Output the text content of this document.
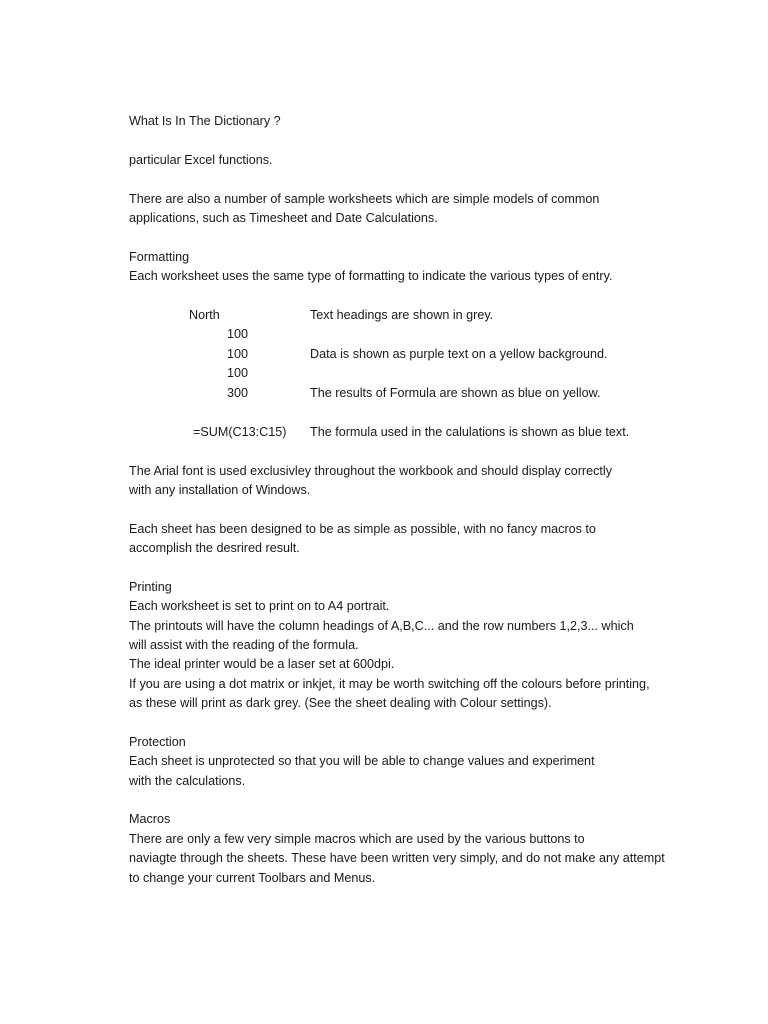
What Is In The Dictionary ?
particular Excel functions.
There are also a number of sample worksheets which are simple models of common
applications, such as Timesheet and Date Calculations.
Formatting
Each worksheet uses the same type of formatting to indicate the various types of entry.
North	Text headings are shown in grey.
100
100	Data is shown as purple text on a yellow background.
100
300	The results of Formula are shown as blue on yellow.
=SUM(C13:C15) The formula used in the calulations is shown as blue text.
The Arial font is used exclusivley throughout the workbook and should display correctly
with any installation of Windows.
Each sheet has been designed to be as simple as possible, with no fancy macros to
accomplish the desrired result.
Printing
Each worksheet is set to print on to A4 portrait.
The printouts will have the column headings of A,B,C... and the row numbers 1,2,3... which
will assist with the reading of the formula.
The ideal printer would be a laser set at 600dpi.
If you are using a dot matrix or inkjet, it may be worth switching off the colours before printing,
as these will print as dark grey. (See the sheet dealing with Colour settings).
Protection
Each sheet is unprotected so that you will be able to change values and experiment
with the calculations.
Macros
There are only a few very simple macros which are used by the various buttons to
naviagte through the sheets. These have been written very simply, and do not make any attempt
to change your current Toolbars and Menus.
